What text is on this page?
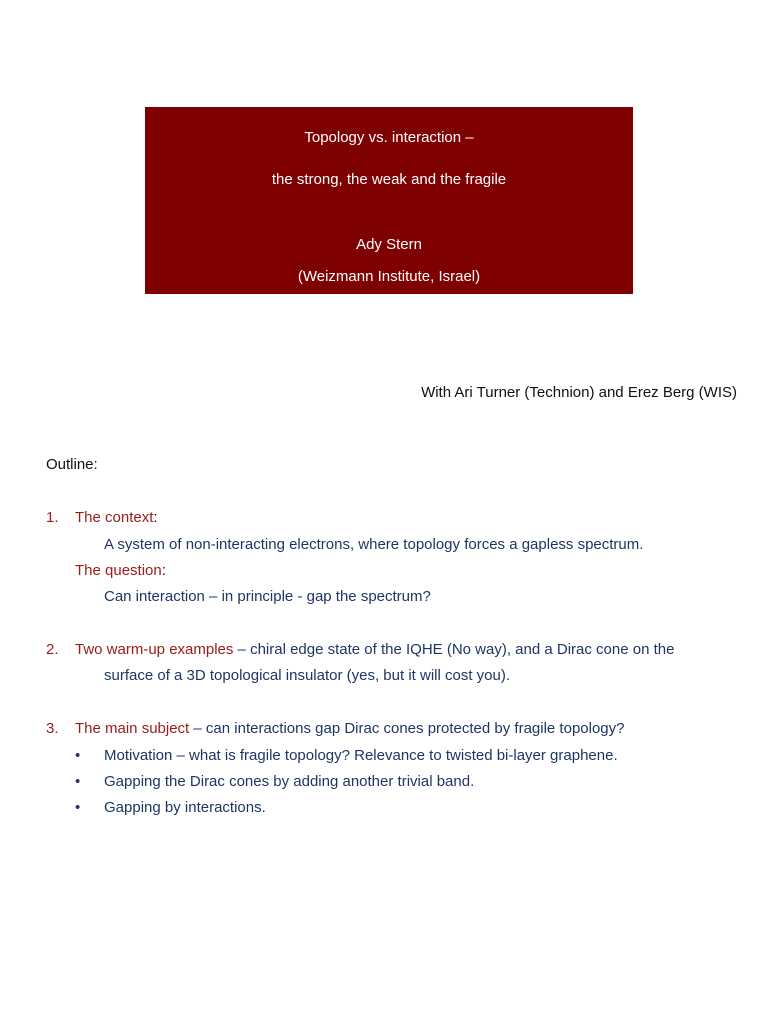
Topology vs. interaction –
the strong, the weak and the fragile
Ady Stern
(Weizmann Institute, Israel)
With Ari Turner (Technion) and Erez Berg (WIS)
Outline:
1. The context:
A system of non-interacting electrons, where topology forces a gapless spectrum.
The question:
Can interaction – in principle - gap the spectrum?
2. Two warm-up examples – chiral edge state of the IQHE (No way), and a Dirac cone on the
surface of a 3D topological insulator (yes, but it will cost you).
3. The main subject – can interactions gap Dirac cones protected by fragile topology?
• Motivation – what is fragile topology? Relevance to twisted bi-layer graphene.
• Gapping the Dirac cones by adding another trivial band.
• Gapping by interactions.
